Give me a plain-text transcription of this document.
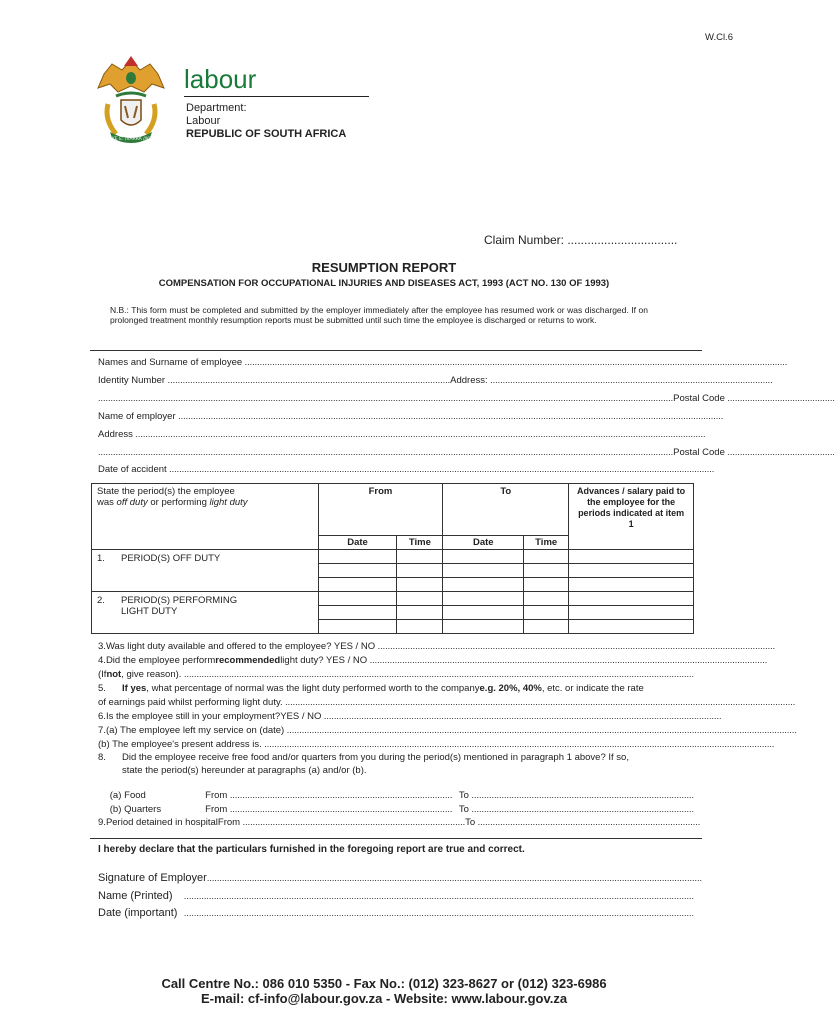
W.Cl.6
!KE E: /XARRA //KE
labour
Department:
Labour
REPUBLIC OF SOUTH AFRICA
Claim Number: .................................
RESUMPTION REPORT
COMPENSATION FOR OCCUPATIONAL INJURIES AND DISEASES ACT, 1993 (ACT NO. 130 OF 1993)
N.B.: This form must be completed and submitted by the employer immediately after the employee has resumed work or was discharged. If on prolonged treatment monthly resumption reports must be submitted until such time the employee is discharged or returns to work.
Names and Surname of employee .........................................................................................................................................................................................................................
Identity Number ................................................................................................................. Address: .................................................................................................................
...................................................................................................................................................................................................................................... Postal Code ...........................................
Name of employer ..........................................................................................................................................................................................................................
Address ....................................................................................................................................................................................................................................
...................................................................................................................................................................................................................................... Postal Code ...........................................
Date of accident ..........................................................................................................................................................................................................................
State the period(s) the employee
was off duty or performing light duty	From		To		Advances / salary paid to the employee for the periods indicated at item 1
	Date	Time	Date	Time	
1. PERIOD(S) OFF DUTY					

2. PERIOD(S) PERFORMING
LIGHT DUTY					

3. Was light duty available and offered to the employee? YES / NO ...............................................................................................................................................................
4. Did the employee perform recommended light duty? YES / NO ...............................................................................................................................................................
(If not , give reason). ............................................................................................................................................................................................................
5.	If yes , what percentage of normal was the light duty performed worth to the company e.g. 20%, 40% , etc. or indicate the rate
of earnings paid whilst performing light duty. ............................................................................................................................................................................................................
6. Is the employee still in your employment? YES / NO ...............................................................................................................................................................
7. (a) The employee left my service on (date) ............................................................................................................................................................................................................
(b) The employee's present address is. ............................................................................................................................................................................................................
8.	Did the employee receive free food and/or quarters from you during the period(s) mentioned in paragraph 1 above? If so,
state the period(s) hereunder at paragraphs (a) and/or (b).
(a) Food	From ......................................................................................... To .........................................................................................
(b) Quarters	From ......................................................................................... To .........................................................................................
9. Period detained in hospital From ......................................................................................... To .........................................................................................
I hereby declare that the particulars furnished in the foregoing report are true and correct.
Signature of Employer ......................................................................................................................................................................................................
Name (Printed)	............................................................................................................................................................................................................
Date (important) ............................................................................................................................................................................................................
Call Centre No.: 086 010 5350 - Fax No.: (012) 323-8627 or (012) 323-6986
E-mail: cf-info@labour.gov.za - Website: www.labour.gov.za
